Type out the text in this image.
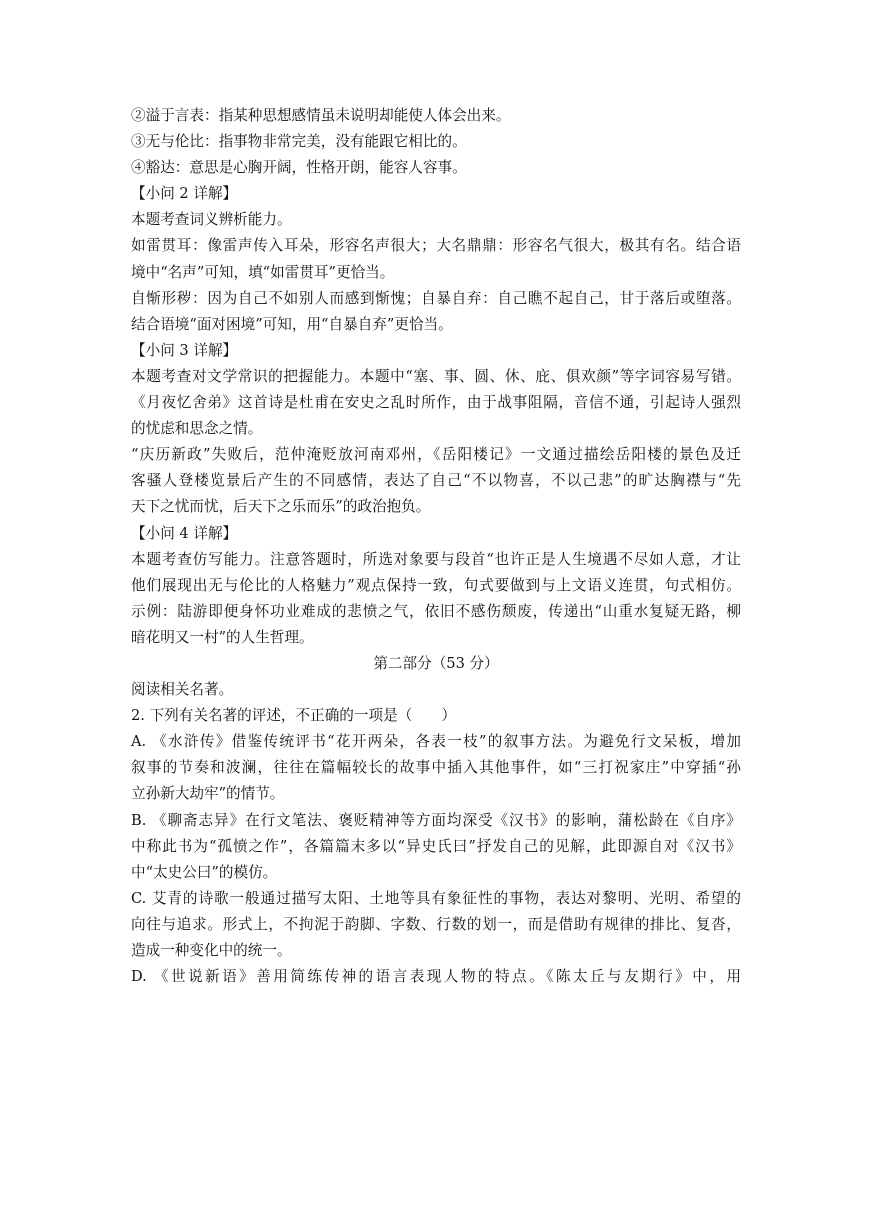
②溢于言表：指某种思想感情虽未说明却能使人体会出来。
③无与伦比：指事物非常完美，没有能跟它相比的。
④豁达：意思是心胸开阔，性格开朗，能容人容事。
【小问 2 详解】
本题考查词义辨析能力。
如雷贯耳：像雷声传入耳朵，形容名声很大；大名鼎鼎：形容名气很大，极其有名。结合语
境中“名声”可知，填“如雷贯耳”更恰当。
自惭形秽：因为自己不如别人而感到惭愧；自暴自弃：自己瞧不起自己，甘于落后或堕落。
结合语境“面对困境”可知，用“自暴自弃”更恰当。
【小问 3 详解】
本题考查对文学常识的把握能力。本题中“塞、事、圆、休、庇、俱欢颜”等字词容易写错。
《月夜忆舍弟》这首诗是杜甫在安史之乱时所作，由于战事阻隔，音信不通，引起诗人强烈
的忧虑和思念之情。
“庆历新政”失败后，范仲淹贬放河南邓州，《岳阳楼记》一文通过描绘岳阳楼的景色及迁
客骚人登楼览景后产生的不同感情，表达了自己“不以物喜，不以己悲”的旷达胸襟与“先
天下之忧而忧，后天下之乐而乐”的政治抱负。
【小问 4 详解】
本题考查仿写能力。注意答题时，所选对象要与段首“也许正是人生境遇不尽如人意，才让
他们展现出无与伦比的人格魅力”观点保持一致，句式要做到与上文语义连贯，句式相仿。
示例：陆游即便身怀功业难成的悲愤之气，依旧不感伤颓废，传递出“山重水复疑无路，柳
暗花明又一村”的人生哲理。
第二部分（53 分）
阅读相关名著。
2. 下列有关名著的评述，不正确的一项是（　　）
A. 《水浒传》借鉴传统评书“花开两朵，各表一枝”的叙事方法。为避免行文呆板，增加
叙事的节奏和波澜，往往在篇幅较长的故事中插入其他事件，如“三打祝家庄”中穿插“孙
立孙新大劫牢”的情节。
B. 《聊斋志异》在行文笔法、褒贬精神等方面均深受《汉书》的影响，蒲松龄在《自序》
中称此书为“孤愤之作”，各篇篇末多以“异史氏曰”抒发自己的见解，此即源自对《汉书》
中“太史公曰”的模仿。
C. 艾青的诗歌一般通过描写太阳、土地等具有象征性的事物，表达对黎明、光明、希望的
向往与追求。形式上，不拘泥于韵脚、字数、行数的划一，而是借助有规律的排比、复沓，
造成一种变化中的统一。
D. 《世说新语》善用简练传神的语言表现人物的特点。《陈太丘与友期行》中，用
